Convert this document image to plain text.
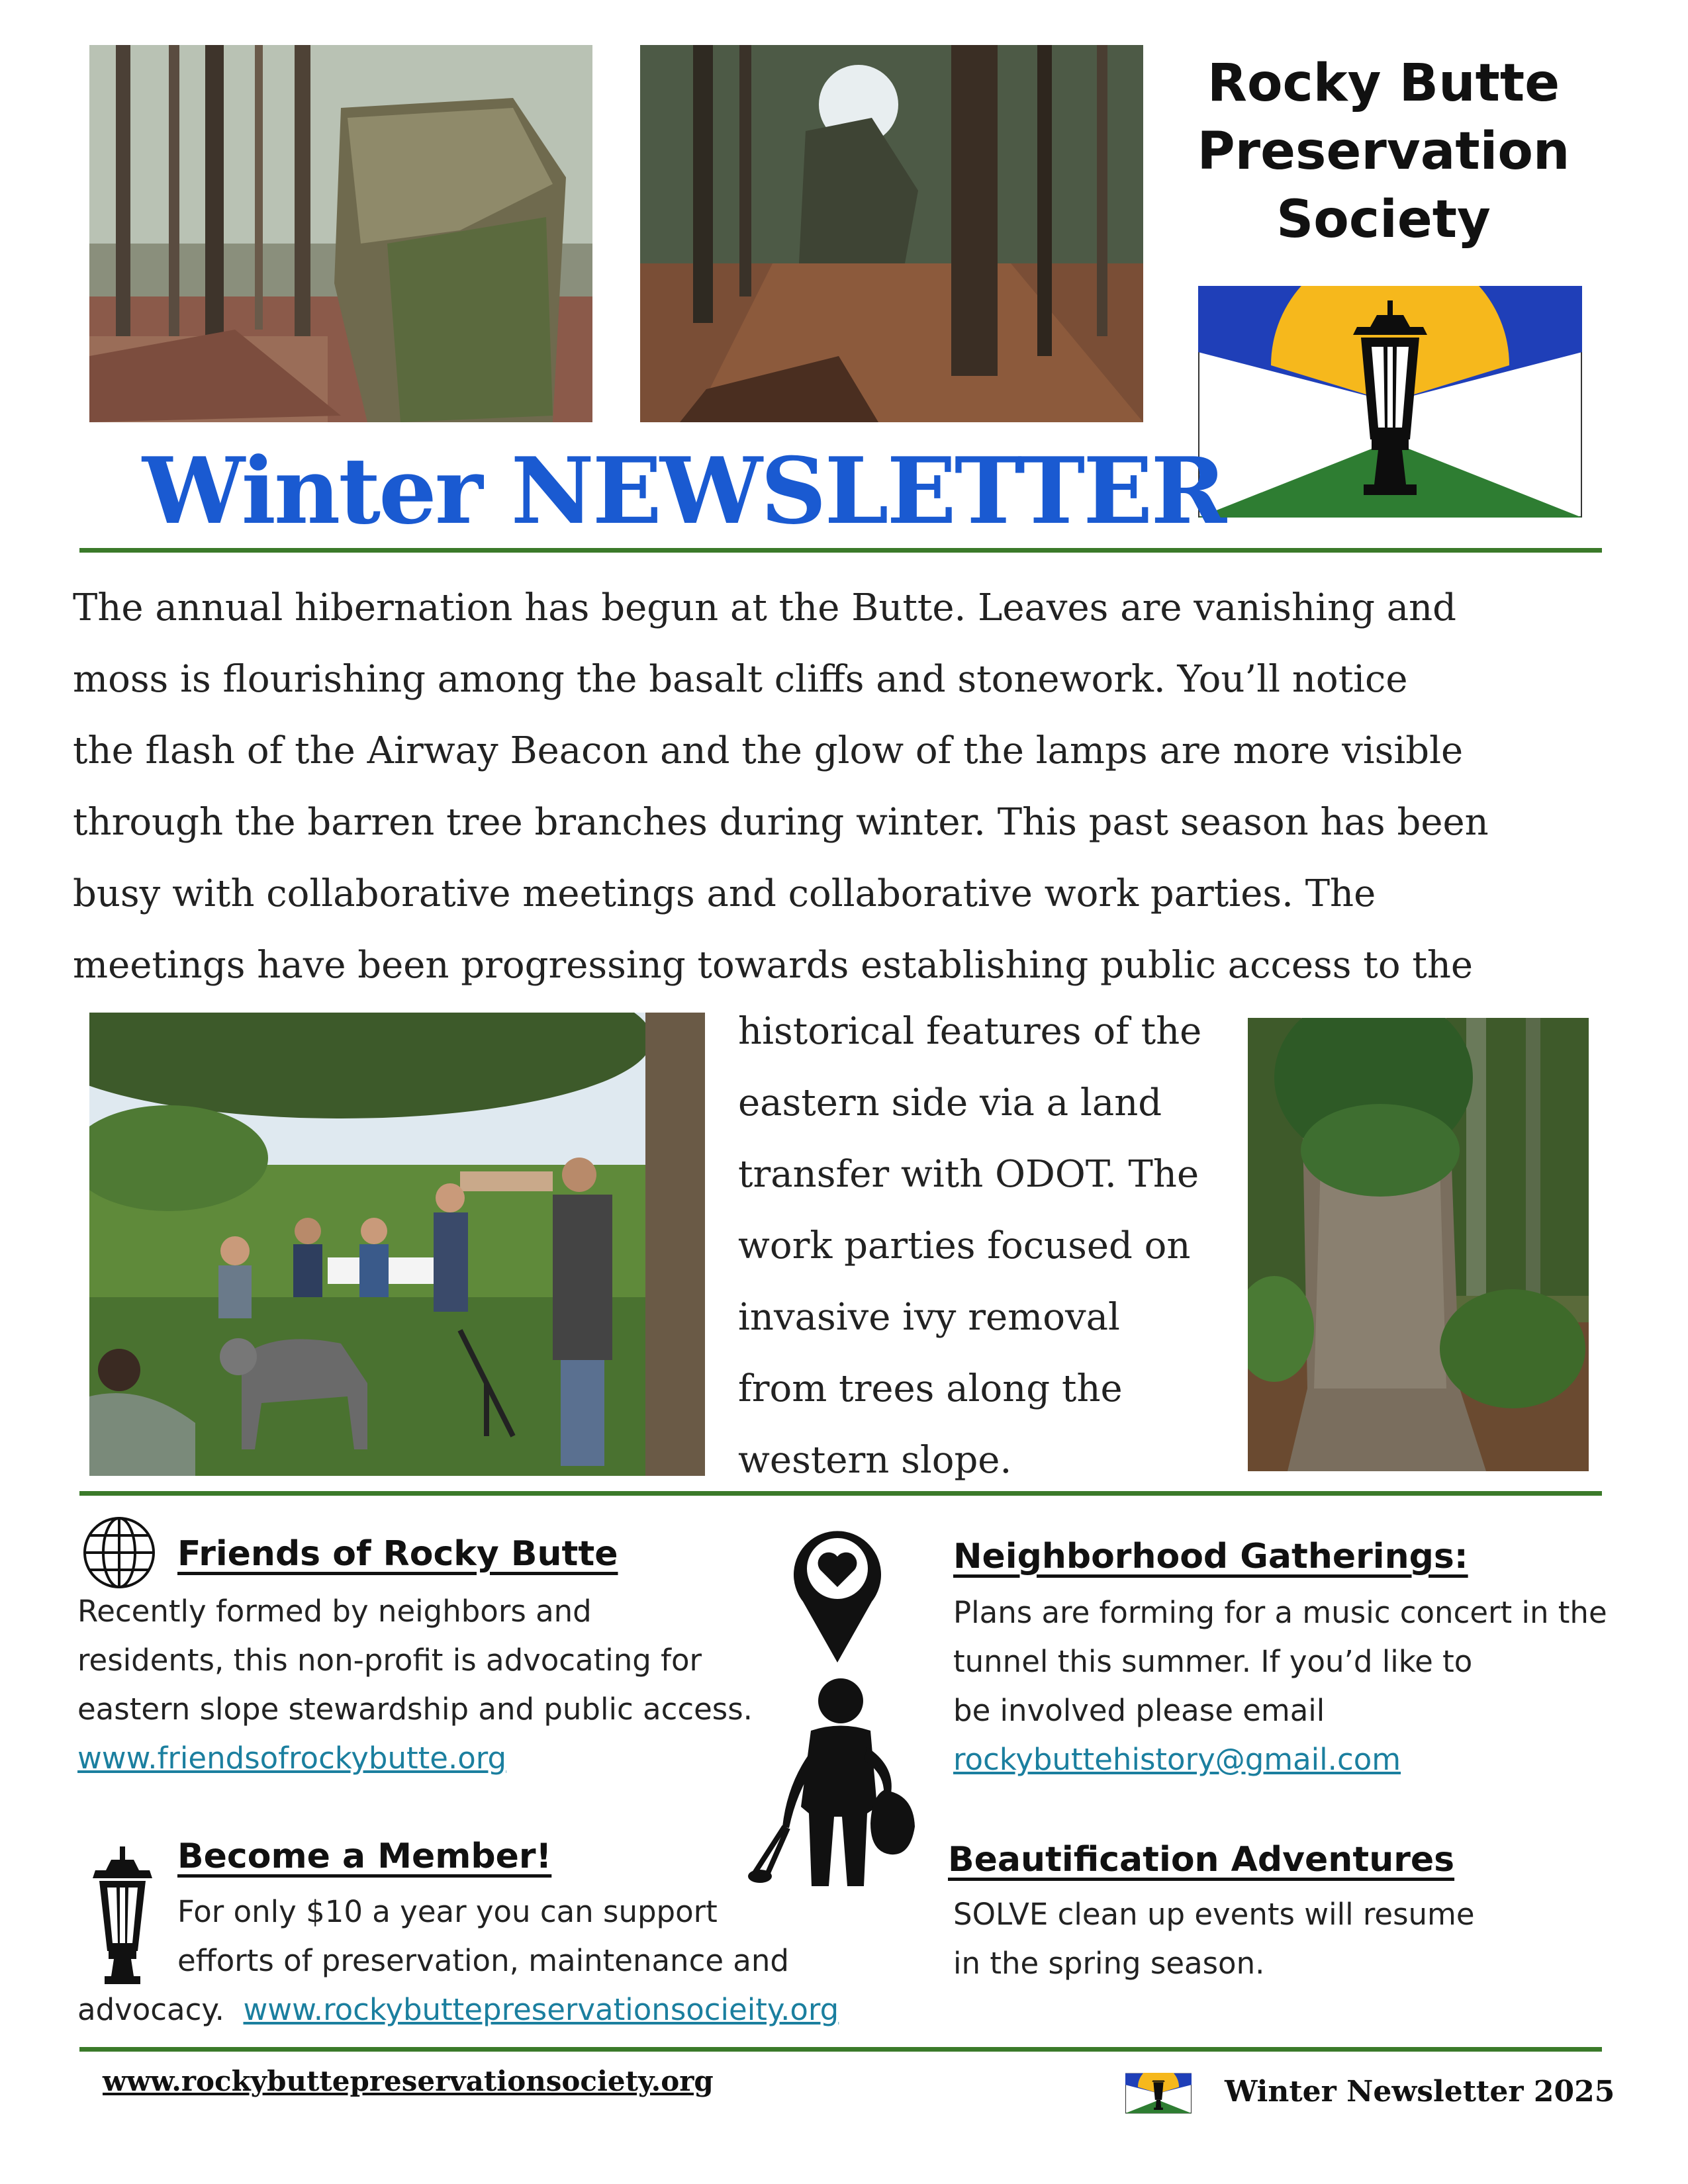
Rocky Butte
Preservation
Society
Winter NEWSLETTER
The annual hibernation has begun at the Butte. Leaves are vanishing and
moss is flourishing among the basalt cliffs and stonework. You’ll notice
the flash of the Airway Beacon and the glow of the lamps are more visible
through the barren tree branches during winter. This past season has been
busy with collaborative meetings and collaborative work parties. The
meetings have been progressing towards establishing public access to the
historical features of the
eastern side via a land
transfer with ODOT. The
work parties focused on
invasive ivy removal
from trees along the
western slope.
Friends of Rocky Butte
Recently formed by neighbors and
residents, this non-profit is advocating for
eastern slope stewardship and public access.
www.friendsofrockybutte.org
Neighborhood Gatherings:
Plans are forming for a music concert in the
tunnel this summer. If you’d like to
be involved please email
rockybuttehistory@gmail.com
Become a Member!
For only $10 a year you can support
efforts of preservation, maintenance and
advocacy.  www.rockybuttepreservationsocieity.org
Beautification Adventures
SOLVE clean up events will resume
in the spring season.
www.rockybuttepreservationsociety.org	Winter Newsletter 2025
